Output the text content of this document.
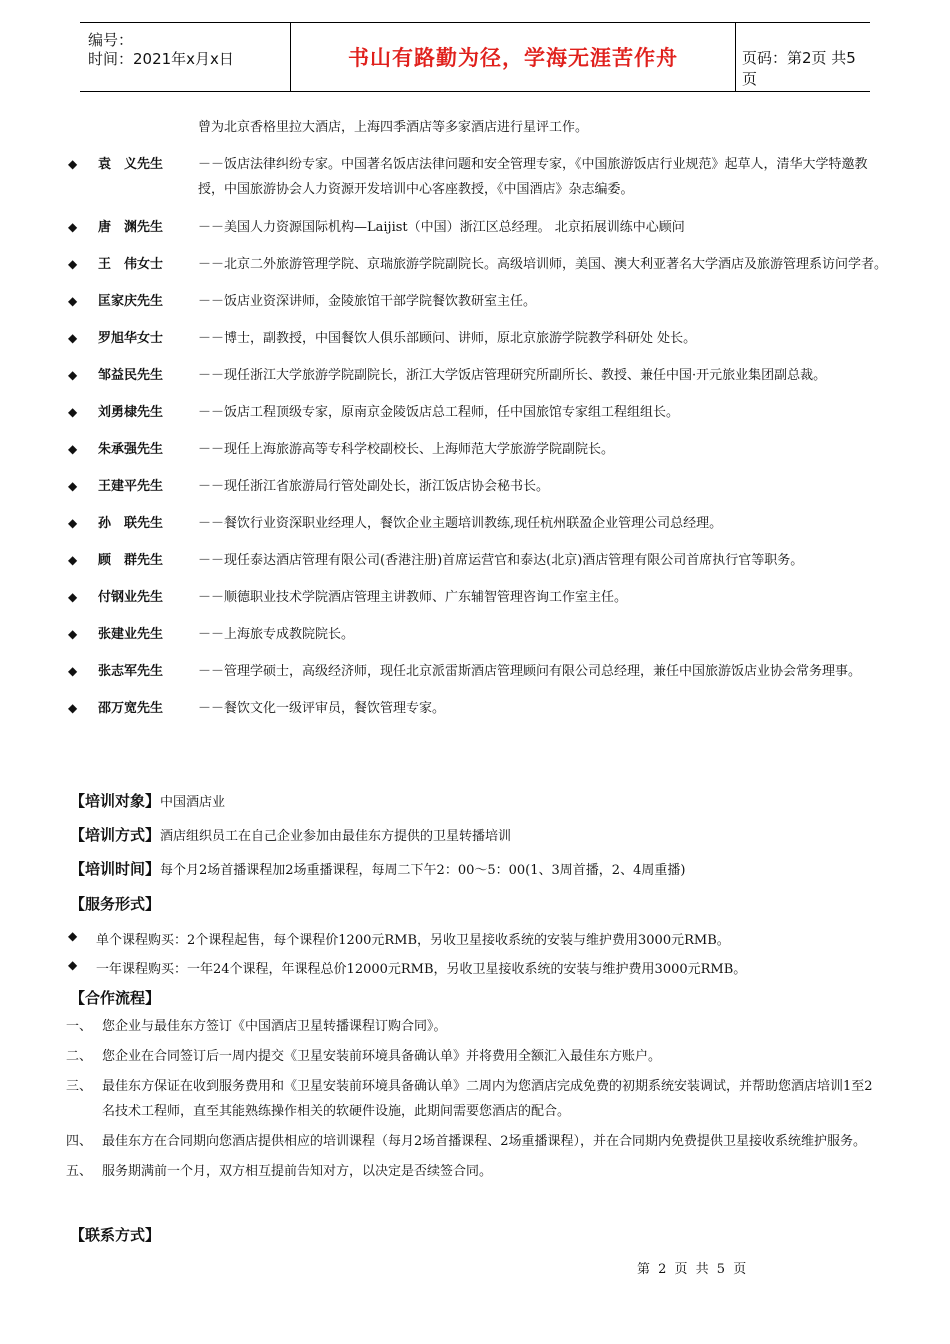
编号：
时间：2021年x月x日	书山有路勤为径，学海无涯苦作舟	页码：第2页 共5页
曾为北京香格里拉大酒店，上海四季酒店等多家酒店进行星评工作。
◆	袁　义先生	－－饭店法律纠纷专家。中国著名饭店法律问题和安全管理专家，《中国旅游饭店行业规范》起草人，清华大学特邀教授，中国旅游协会人力资源开发培训中心客座教授，《中国酒店》杂志编委。
◆	唐　渊先生	－－美国人力资源国际机构—Laijist（中国）浙江区总经理。 北京拓展训练中心顾问
◆	王　伟女士	－－北京二外旅游管理学院、京瑞旅游学院副院长。高级培训师，美国、澳大利亚著名大学酒店及旅游管理系访问学者。
◆	匡家庆先生	－－饭店业资深讲师，金陵旅馆干部学院餐饮教研室主任。
◆	罗旭华女士	－－博士，副教授，中国餐饮人俱乐部顾问、讲师，原北京旅游学院教学科研处 处长。
◆	邹益民先生	－－现任浙江大学旅游学院副院长，浙江大学饭店管理研究所副所长、教授、兼任中国·开元旅业集团副总裁。
◆	刘勇棣先生	－－饭店工程顶级专家，原南京金陵饭店总工程师，任中国旅馆专家组工程组组长。
◆	朱承强先生	－－现任上海旅游高等专科学校副校长、上海师范大学旅游学院副院长。
◆	王建平先生	－－现任浙江省旅游局行管处副处长，浙江饭店协会秘书长。
◆	孙　联先生	－－餐饮行业资深职业经理人，餐饮企业主题培训教练,现任杭州联盈企业管理公司总经理。
◆	顾　群先生	－－现任泰达酒店管理有限公司(香港注册)首席运营官和泰达(北京)酒店管理有限公司首席执行官等职务。
◆	付钢业先生	－－顺德职业技术学院酒店管理主讲教师、广东辅智管理咨询工作室主任。
◆	张建业先生	－－上海旅专成教院院长。
◆	张志军先生	－－管理学硕士，高级经济师，现任北京派雷斯酒店管理顾问有限公司总经理，兼任中国旅游饭店业协会常务理事。
◆	邵万宽先生	－－餐饮文化一级评审员，餐饮管理专家。
【培训对象】中国酒店业
【培训方式】酒店组织员工在自己企业参加由最佳东方提供的卫星转播培训
【培训时间】每个月2场首播课程加2场重播课程，每周二下午2：00～5：00(1、3周首播，2、4周重播)
【服务形式】
◆	单个课程购买：2个课程起售，每个课程价1200元RMB，另收卫星接收系统的安装与维护费用3000元RMB。
◆	一年课程购买：一年24个课程，年课程总价12000元RMB，另收卫星接收系统的安装与维护费用3000元RMB。
【合作流程】
一、 您企业与最佳东方签订《中国酒店卫星转播课程订购合同》。
二、 您企业在合同签订后一周内提交《卫星安装前环境具备确认单》并将费用全额汇入最佳东方账户。
三、 最佳东方保证在收到服务费用和《卫星安装前环境具备确认单》二周内为您酒店完成免费的初期系统安装调试，并帮助您酒店培训1至2名技术工程师，直至其能熟练操作相关的软硬件设施，此期间需要您酒店的配合。
四、 最佳东方在合同期向您酒店提供相应的培训课程（每月2场首播课程、2场重播课程），并在合同期内免费提供卫星接收系统维护服务。
五、 服务期满前一个月，双方相互提前告知对方，以决定是否续签合同。
【联系方式】
第 2 页 共 5 页
